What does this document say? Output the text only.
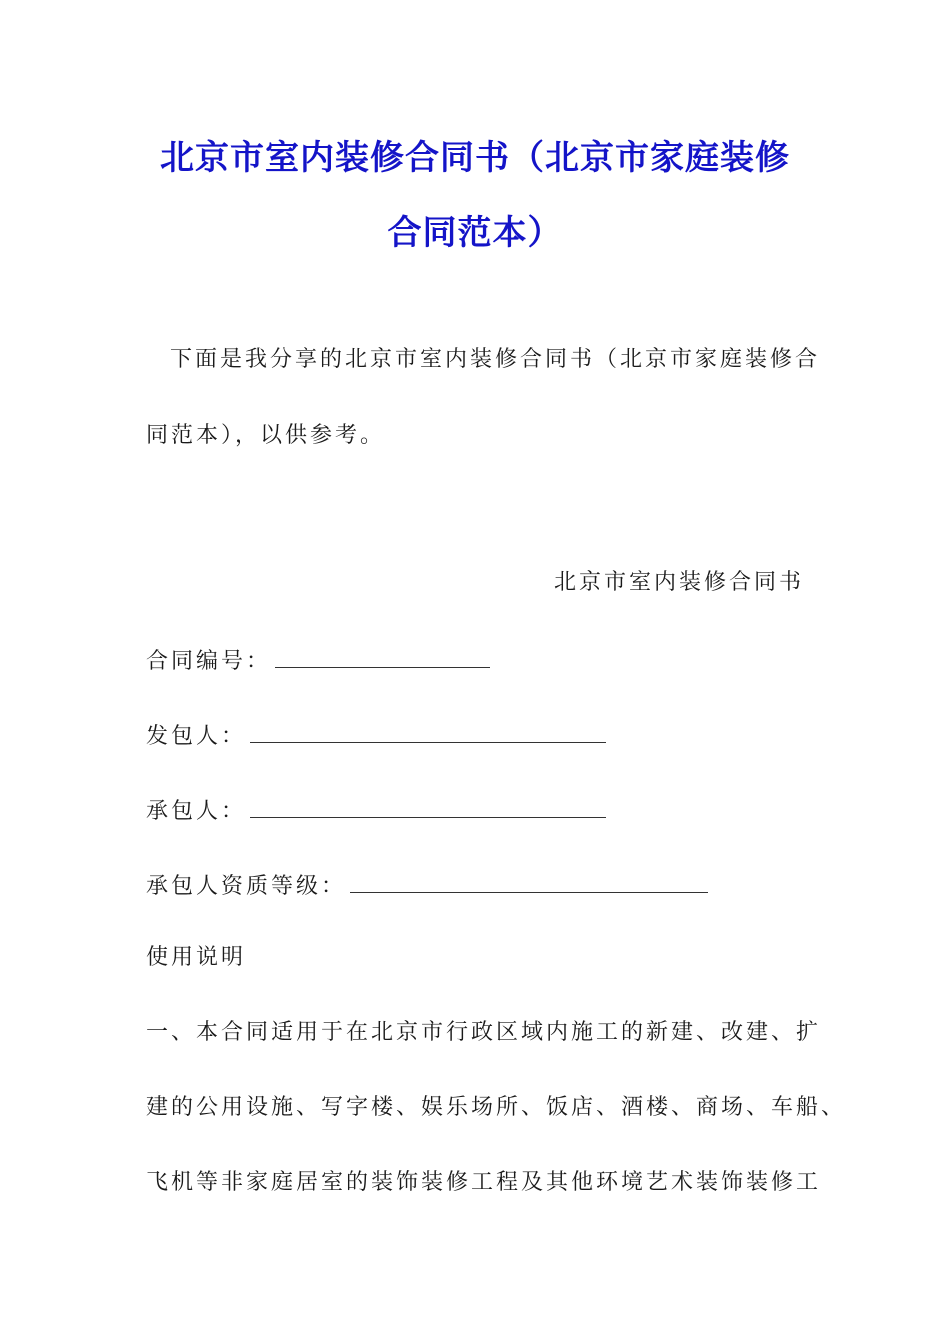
北京市室内装修合同书（北京市家庭装修
合同范本）
下面是我分享的北京市室内装修合同书（北京市家庭装修合
同范本），以供参考。
北京市室内装修合同书
合同编号：
发包人：
承包人：
承包人资质等级：
使用说明
一、本合同适用于在北京市行政区域内施工的新建、改建、扩
建的公用设施、写字楼、娱乐场所、饭店、酒楼、商场、车船、
飞机等非家庭居室的装饰装修工程及其他环境艺术装饰装修工
